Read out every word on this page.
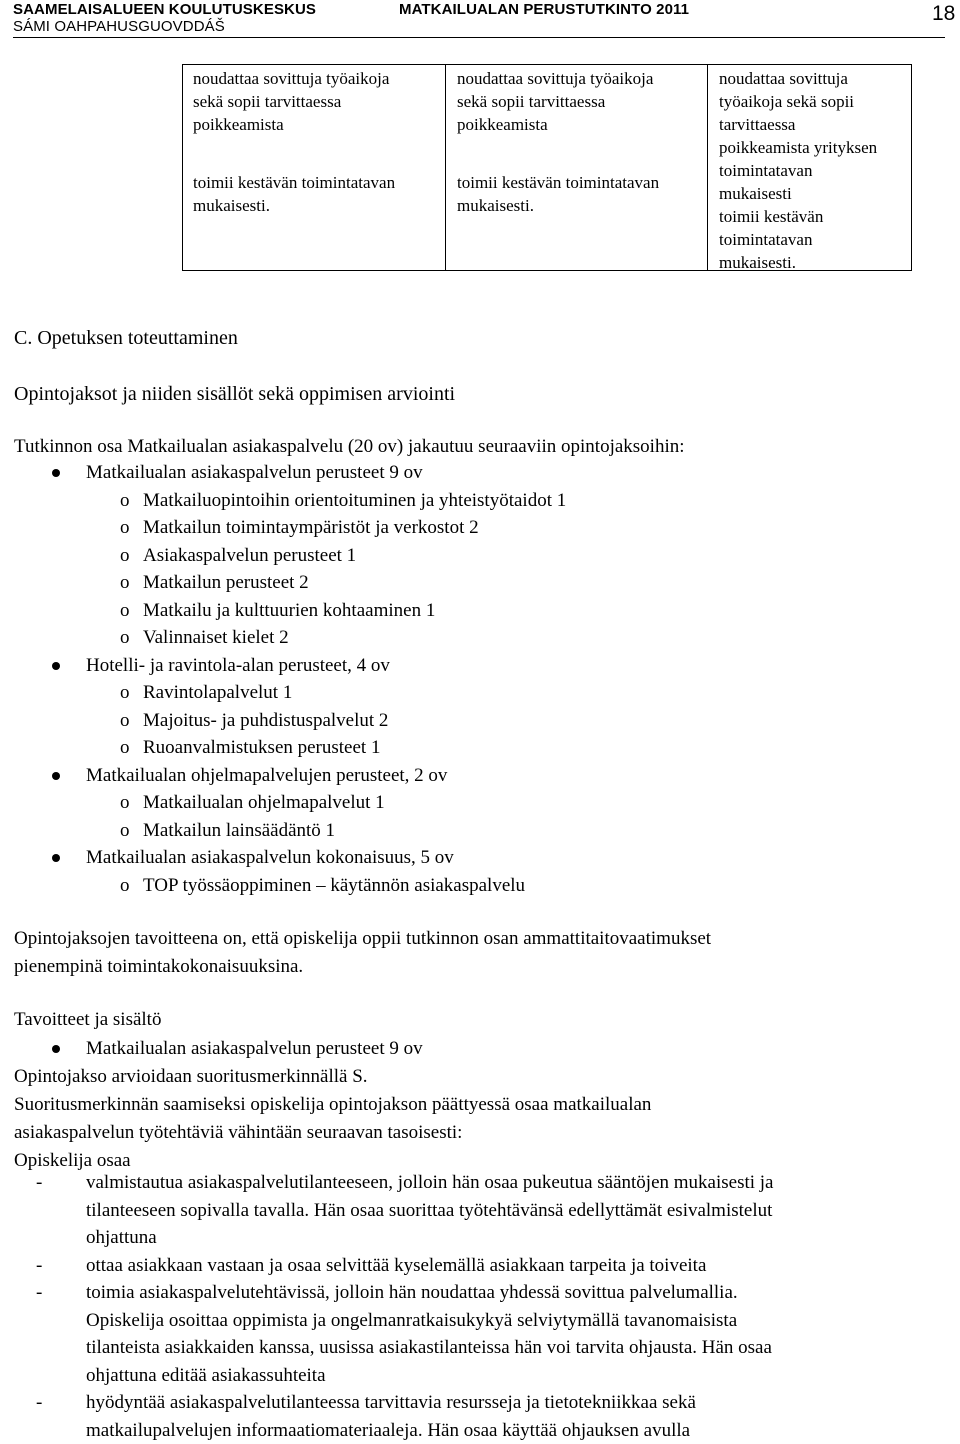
SAAMELAISALUEEN KOULUTUSKESKUS
SÁMI OAHPAHUSGUOVDDÁŠ
MATKAILUALAN PERUSTUTKINTO 2011	18

noudattaa sovittuja työaikoja

sekä sopii tarvittaessa

poikkeamista

toimii kestävän toimintatavan

mukaisesti.

noudattaa sovittuja työaikoja

sekä sopii tarvittaessa

poikkeamista

toimii kestävän toimintatavan

mukaisesti.

noudattaa sovittuja

työaikoja sekä sopii

tarvittaessa

poikkeamista yrityksen

toimintatavan

mukaisesti

toimii kestävän

toimintatavan

mukaisesti.

C. Opetuksen toteuttaminen
Opintojaksot ja niiden sisällöt sekä oppimisen arviointi
Tutkinnon osa Matkailualan asiakaspalvelu (20 ov) jakautuu seuraaviin opintojaksoihin:
Matkailualan asiakaspalvelun perusteet 9 ov
o Matkailuopintoihin orientoituminen ja yhteistyötaidot 1
o Matkailun toimintaympäristöt ja verkostot 2
o Asiakaspalvelun perusteet 1
o Matkailun perusteet 2
o Matkailu ja kulttuurien kohtaaminen 1
o Valinnaiset kielet 2
Hotelli- ja ravintola-alan perusteet, 4 ov
o Ravintolapalvelut 1
o Majoitus- ja puhdistuspalvelut 2
o Ruoanvalmistuksen perusteet 1
Matkailualan ohjelmapalvelujen perusteet, 2 ov
o Matkailualan ohjelmapalvelut 1
o Matkailun lainsäädäntö 1
Matkailualan asiakaspalvelun kokonaisuus, 5 ov
o TOP työssäoppiminen – käytännön asiakaspalvelu
Opintojaksojen tavoitteena on, että opiskelija oppii tutkinnon osan ammattitaitovaatimukset
pienempinä toimintakokonaisuuksina.
Tavoitteet ja sisältö
Matkailualan asiakaspalvelun perusteet 9 ov
Opintojakso arvioidaan suoritusmerkinnällä S.
Suoritusmerkinnän saamiseksi opiskelija opintojakson päättyessä osaa matkailualan
asiakaspalvelun työtehtäviä vähintään seuraavan tasoisesti:
Opiskelija osaa
- valmistautua asiakaspalvelutilanteeseen, jolloin hän osaa pukeutua sääntöjen mukaisesti ja
tilanteeseen sopivalla tavalla. Hän osaa suorittaa työtehtävänsä edellyttämät esivalmistelut
ohjattuna
- ottaa asiakkaan vastaan ja osaa selvittää kyselemällä asiakkaan tarpeita ja toiveita
- toimia asiakaspalvelutehtävissä, jolloin hän noudattaa yhdessä sovittua palvelumallia.
Opiskelija osoittaa oppimista ja ongelmanratkaisukykyä selviytymällä tavanomaisista
tilanteista asiakkaiden kanssa, uusissa asiakastilanteissa hän voi tarvita ohjausta. Hän osaa
ohjattuna editää asiakassuhteita
- hyödyntää asiakaspalvelutilanteessa tarvittavia resursseja ja tietotekniikkaa sekä
matkailupalvelujen informaatiomateriaaleja. Hän osaa käyttää ohjauksen avulla
